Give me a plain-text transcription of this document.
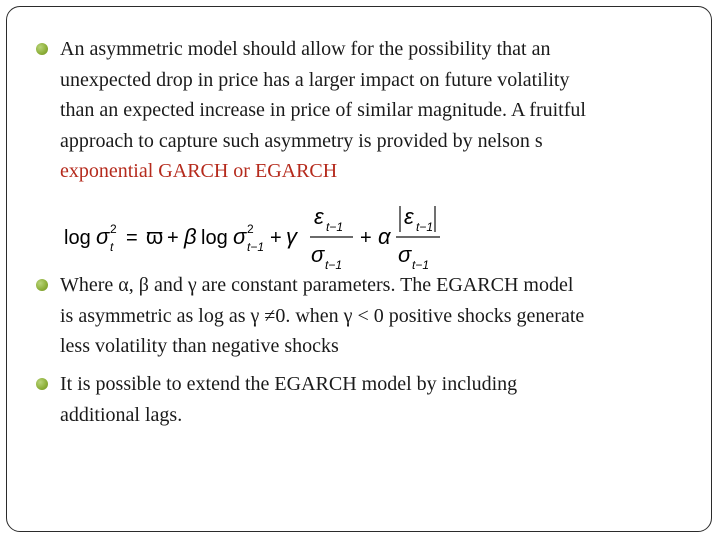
An asymmetric model should allow for the possibility that an
unexpected drop in price has a larger impact on future volatility
than an expected increase in price of similar magnitude. A fruitful
approach to capture such asymmetry is provided by nelson s
exponential GARCH or EGARCH
log σ 2
t = ϖ + β log σ 2
t−1 + γ
ε t−1
σ t−1
+ α
ε t−1
σ t−1
Where α, β and γ are constant parameters. The EGARCH model
is asymmetric as log as γ ≠0. when γ < 0 positive shocks generate
less volatility than negative shocks
It is possible to extend the EGARCH model by including
additional lags.
